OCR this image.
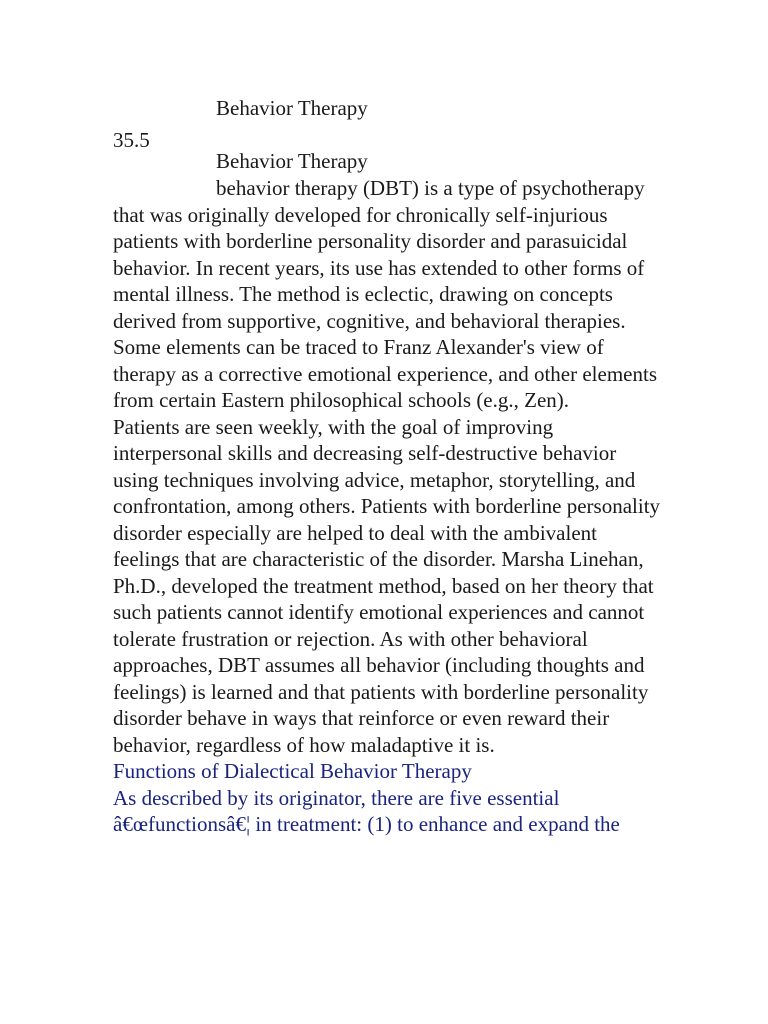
Behavior Therapy
35.5
Behavior Therapy

behavior therapy (DBT) is a type of psychotherapy that was originally developed for chronically self-injurious patients with borderline personality disorder and parasuicidal behavior. In recent years, its use has extended to other forms of mental illness. The method is eclectic, drawing on concepts derived from supportive, cognitive, and behavioral therapies. Some elements can be traced to Franz Alexander's view of therapy as a corrective emotional experience, and other elements from certain Eastern philosophical schools (e.g., Zen).

Patients are seen weekly, with the goal of improving interpersonal skills and decreasing self-destructive behavior using techniques involving advice, metaphor, storytelling, and confrontation, among others. Patients with borderline personality disorder especially are helped to deal with the ambivalent feelings that are characteristic of the disorder. Marsha Linehan, Ph.D., developed the treatment method, based on her theory that such patients cannot identify emotional experiences and cannot tolerate frustration or rejection. As with other behavioral approaches, DBT assumes all behavior (including thoughts and feelings) is learned and that patients with borderline personality disorder behave in ways that reinforce or even reward their behavior, regardless of how maladaptive it is.

Functions of Dialectical Behavior Therapy

As described by its originator, there are five essential â€œfunctionsâ€¦ in treatment: (1) to enhance and expand the
